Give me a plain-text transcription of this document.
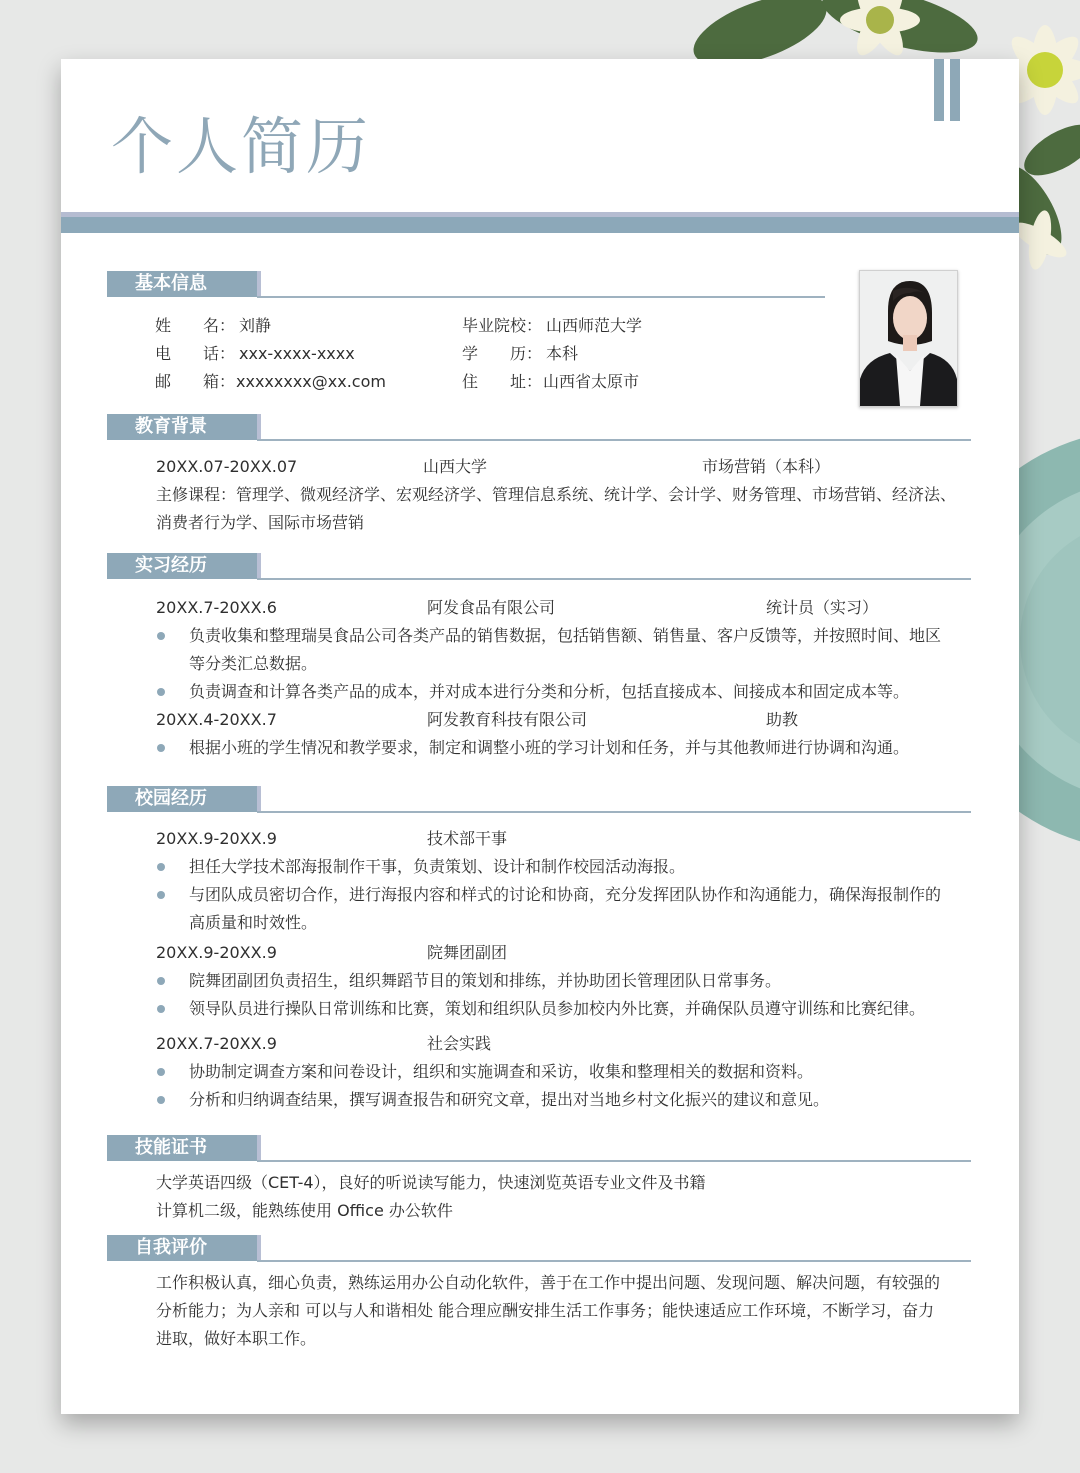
个人简历
基本信息
姓 名： 刘静
电 话： xxx-xxxx-xxxx
邮 箱： xxxxxxxx@xx.com
毕业院校： 山西师范大学
学 历： 本科
住 址： 山西省太原市
教育背景
20XX.07-20XX.07	山西大学	市场营销（本科）
主修课程：管理学、微观经济学、宏观经济学、管理信息系统、统计学、会计学、财务管理、市场营销、经济法、
消费者行为学、国际市场营销
实习经历
20XX.7-20XX.6	阿发食品有限公司	统计员（实习）
负责收集和整理瑞昊食品公司各类产品的销售数据，包括销售额、销售量、客户反馈等，并按照时间、地区
等分类汇总数据。
负责调查和计算各类产品的成本，并对成本进行分类和分析，包括直接成本、间接成本和固定成本等。
20XX.4-20XX.7	阿发教育科技有限公司	助教
根据小班的学生情况和教学要求，制定和调整小班的学习计划和任务，并与其他教师进行协调和沟通。
校园经历
20XX.9-20XX.9	技术部干事
担任大学技术部海报制作干事，负责策划、设计和制作校园活动海报。
与团队成员密切合作，进行海报内容和样式的讨论和协商，充分发挥团队协作和沟通能力，确保海报制作的
高质量和时效性。
20XX.9-20XX.9	院舞团副团
院舞团副团负责招生，组织舞蹈节目的策划和排练，并协助团长管理团队日常事务。
领导队员进行操队日常训练和比赛，策划和组织队员参加校内外比赛，并确保队员遵守训练和比赛纪律。
20XX.7-20XX.9	社会实践
协助制定调查方案和问卷设计，组织和实施调查和采访，收集和整理相关的数据和资料。
分析和归纳调查结果，撰写调查报告和研究文章，提出对当地乡村文化振兴的建议和意见。
技能证书
大学英语四级（CET-4），良好的听说读写能力，快速浏览英语专业文件及书籍
计算机二级，能熟练使用 Office 办公软件
自我评价
工作积极认真，细心负责，熟练运用办公自动化软件，善于在工作中提出问题、发现问题、解决问题，有较强的
分析能力；为人亲和 可以与人和谐相处 能合理应酬安排生活工作事务；能快速适应工作环境，不断学习，奋力
进取，做好本职工作。
